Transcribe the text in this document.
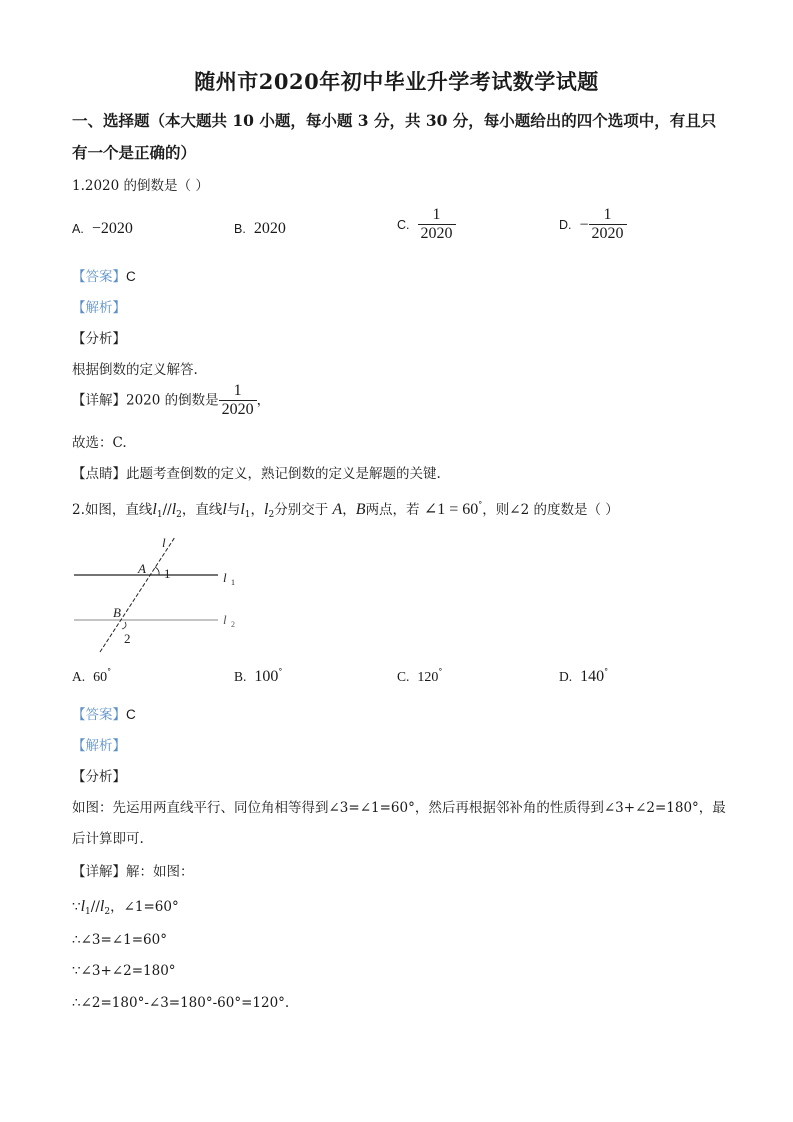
随州市2020年初中毕业升学考试数学试题
一、选择题（本大题共 10 小题，每小题 3 分，共 30 分，每小题给出的四个选项中，有且只
有一个是正确的）
1.2020 的倒数是（ ）
A. −2020	B. 2020	C. $\frac{1}{2020}$	D. − $\frac{1}{2020}$
【答案】C
【解析】
【分析】
根据倒数的定义解答.
【详解】2020 的倒数是 $\frac{1}{2020}$ ，
故选：C.
【点睛】此题考查倒数的定义，熟记倒数的定义是解题的关键.
2.如图，直线$l_1//l_2$，直线l与$l_1$，$l_2$分别交于 A，B两点，若 ∠1 = 60°，则∠2 的度数是（ ）
l
A 1	l 1
B	l 2
2
A. 60°	B. 100°	C. 120°	D. 140°
【答案】C
【解析】
【分析】
如图：先运用两直线平行、同位角相等得到∠3=∠1=60°，然后再根据邻补角的性质得到∠3+∠2=180°，最
后计算即可.
【详解】解：如图：
$\because l_1//l_2$，∠1=60°
∴∠3=∠1=60°
∵∠3+∠2=180°
∴∠2=180°-∠3=180°-60°=120°.
